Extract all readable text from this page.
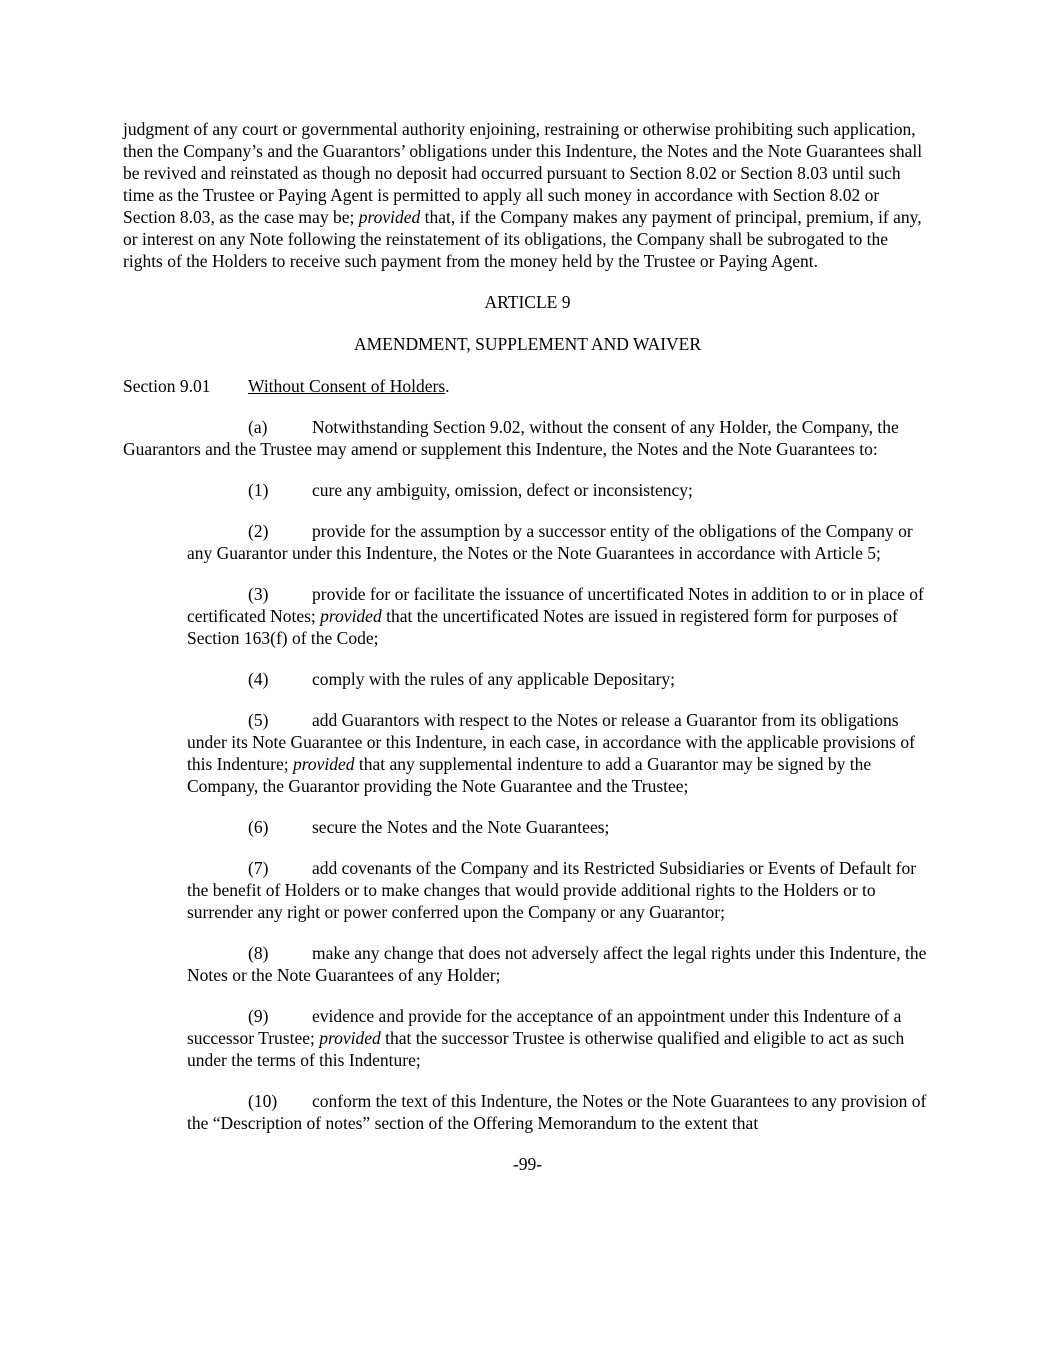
judgment of any court or governmental authority enjoining, restraining or otherwise prohibiting such application, then the Company’s and the Guarantors’ obligations under this Indenture, the Notes and the Note Guarantees shall be revived and reinstated as though no deposit had occurred pursuant to Section 8.02 or Section 8.03 until such time as the Trustee or Paying Agent is permitted to apply all such money in accordance with Section 8.02 or Section 8.03, as the case may be; provided that, if the Company makes any payment of principal, premium, if any, or interest on any Note following the reinstatement of its obligations, the Company shall be subrogated to the rights of the Holders to receive such payment from the money held by the Trustee or Paying Agent.

ARTICLE 9
AMENDMENT, SUPPLEMENT AND WAIVER

Section 9.01 Without Consent of Holders.

(a)	Notwithstanding Section 9.02, without the consent of any Holder, the Company, the Guarantors and the Trustee may amend or supplement this Indenture, the Notes and the Note Guarantees to:

(1) cure any ambiguity, omission, defect or inconsistency;

(2) provide for the assumption by a successor entity of the obligations of the Company or any Guarantor under this Indenture, the Notes or the Note Guarantees in accordance with Article 5;

(3) provide for or facilitate the issuance of uncertificated Notes in addition to or in place of certificated Notes; provided that the uncertificated Notes are issued in registered form for purposes of Section 163(f) of the Code;

(4) comply with the rules of any applicable Depositary;

(5) add Guarantors with respect to the Notes or release a Guarantor from its obligations under its Note Guarantee or this Indenture, in each case, in accordance with the applicable provisions of this Indenture; provided that any supplemental indenture to add a Guarantor may be signed by the Company, the Guarantor providing the Note Guarantee and the Trustee;

(6) secure the Notes and the Note Guarantees;

(7) add covenants of the Company and its Restricted Subsidiaries or Events of Default for the benefit of Holders or to make changes that would provide additional rights to the Holders or to surrender any right or power conferred upon the Company or any Guarantor;

(8) make any change that does not adversely affect the legal rights under this Indenture, the Notes or the Note Guarantees of any Holder;

(9) evidence and provide for the acceptance of an appointment under this Indenture of a successor Trustee; provided that the successor Trustee is otherwise qualified and eligible to act as such under the terms of this Indenture;

(10) conform the text of this Indenture, the Notes or the Note Guarantees to any provision of the “Description of notes” section of the Offering Memorandum to the extent that

-99-
